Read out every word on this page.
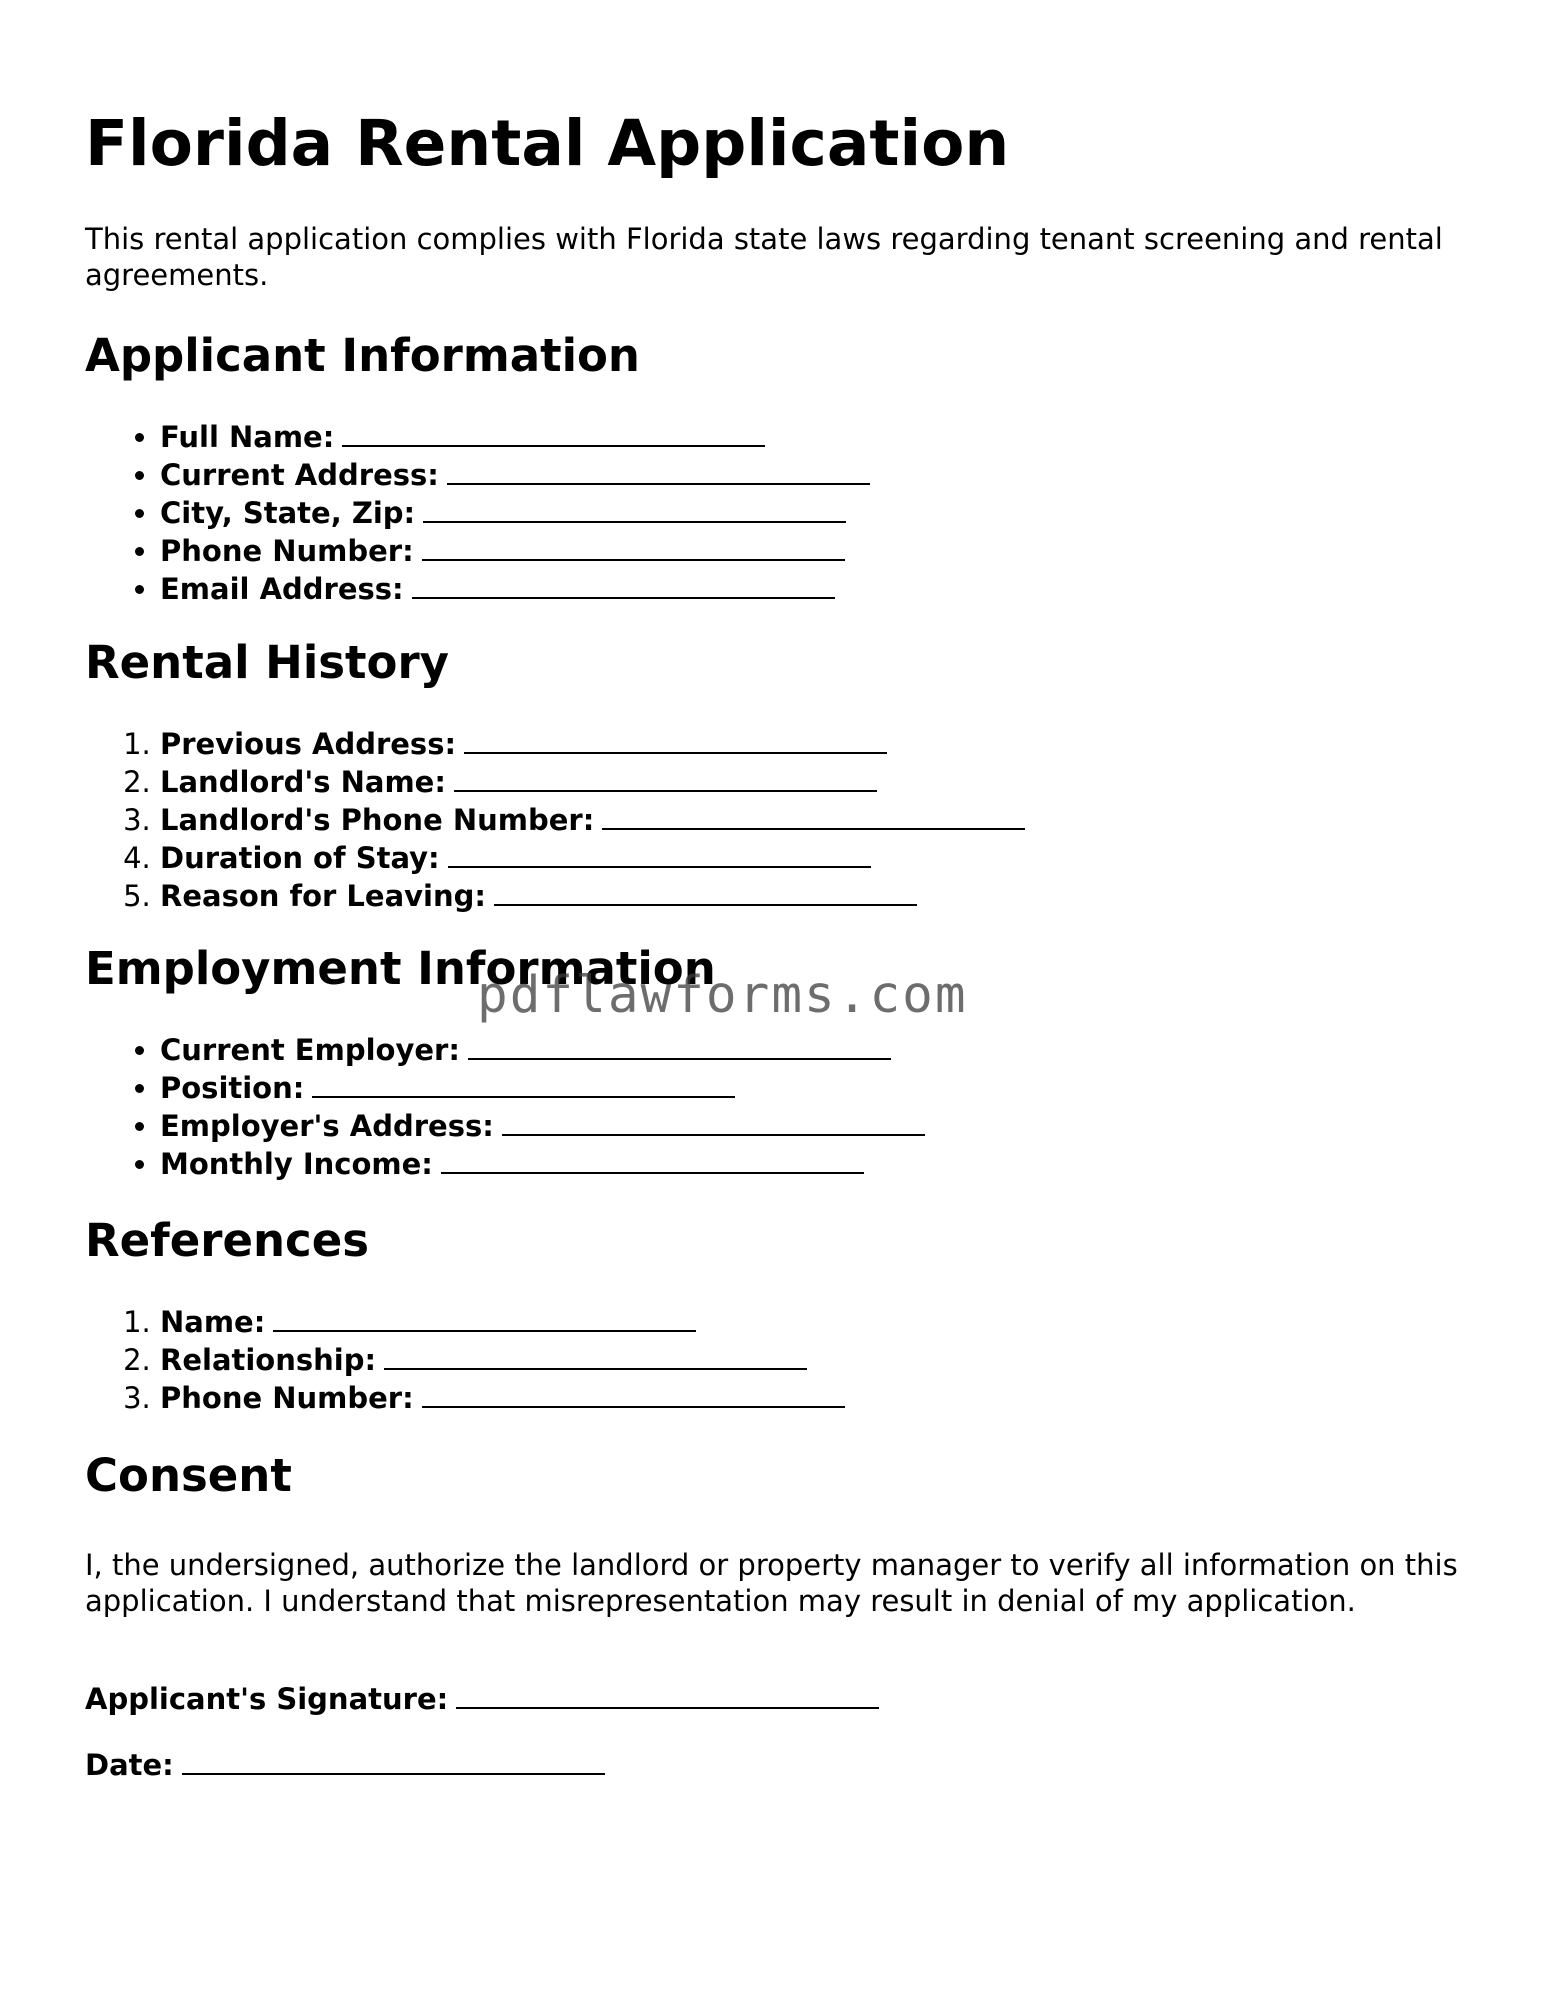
Florida Rental Application

This rental application complies with Florida state laws regarding tenant screening and rental agreements.

Applicant Information
• Full Name:
• Current Address:
• City, State, Zip:
• Phone Number:
• Email Address:
Rental History
1. Previous Address:
2. Landlord's Name:
3. Landlord's Phone Number:
4. Duration of Stay:
5. Reason for Leaving:
Employment Information
• Current Employer:
• Position:
• Employer's Address:
• Monthly Income:
References
1. Name:
2. Relationship:
3. Phone Number:
Consent

I, the undersigned, authorize the landlord or property manager to verify all information on this application. I understand that misrepresentation may result in denial of my application.

Applicant's Signature:

Date:

pdflawforms.com
